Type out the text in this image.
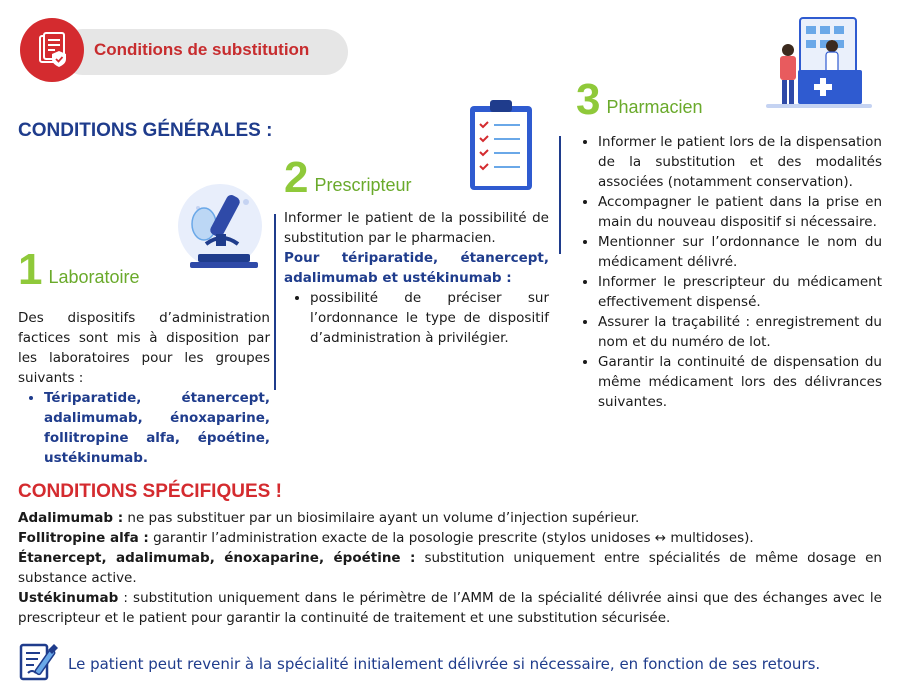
Conditions de substitution
CONDITIONS GÉNÉRALES :
1 Laboratoire

Des dispositifs d’administration factices sont mis à disposition par les laboratoires pour les groupes suivants :

• Tériparatide, étanercept, adalimumab, énoxaparine, follitropine alfa, époétine, ustékinumab.
2 Prescripteur

Informer le patient de la possibilité de substitution par le pharmacien.

Pour tériparatide, étanercept, adalimumab et ustékinumab :

• possibilité de préciser sur l’ordonnance le type de dispositif d’administration à privilégier.
3 Pharmacien
• Informer le patient lors de la dispensation de la substitution et des modalités associées (notamment conservation).
• Accompagner le patient dans la prise en main du nouveau dispositif si nécessaire.
• Mentionner sur l’ordonnance le nom du médicament délivré.
• Informer le prescripteur du médicament effectivement dispensé.
• Assurer la traçabilité : enregistrement du nom et du numéro de lot.
• Garantir la continuité de dispensation du même médicament lors des délivrances suivantes.
CONDITIONS SPÉCIFIQUES !

Adalimumab : ne pas substituer par un biosimilaire ayant un volume d’injection supérieur.

Follitropine alfa : garantir l’administration exacte de la posologie prescrite (stylos unidoses ↔ multidoses).

Étanercept, adalimumab, énoxaparine, époétine : substitution uniquement entre spécialités de même dosage en substance active.

Ustékinumab : substitution uniquement dans le périmètre de l’AMM de la spécialité délivrée ainsi que des échanges avec le prescripteur et le patient pour garantir la continuité de traitement et une substitution sécurisée.

Le patient peut revenir à la spécialité initialement délivrée si nécessaire, en fonction de ses retours.
